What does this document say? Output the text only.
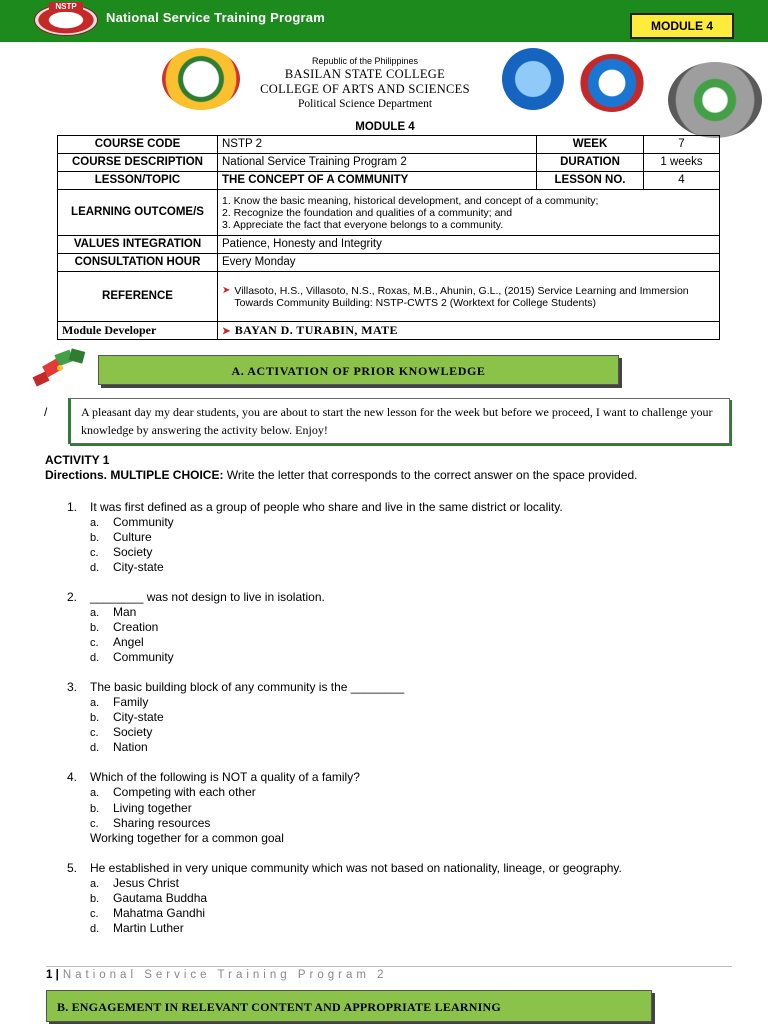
NSTP
National Service Training Program
MODULE 4
Republic of the Philippines
BASILAN STATE COLLEGE
COLLEGE OF ARTS AND SCIENCES
Political Science Department
MODULE 4
COURSE CODE	NSTP 2	WEEK	7
COURSE DESCRIPTION	National Service Training Program 2	DURATION	1 weeks
LESSON/TOPIC	THE CONCEPT OF A COMMUNITY	LESSON NO.	4
LEARNING OUTCOME/S	1. Know the basic meaning, historical development, and concept of a community;
2. Recognize the foundation and qualities of a community; and
3. Appreciate the fact that everyone belongs to a community.		

VALUES INTEGRATION	Patience, Honesty and Integrity		
CONSULTATION HOUR	Every Monday		
REFERENCE	➤ Villasoto, H.S., Villasoto, N.S., Roxas, M.B., Ahunin, G.L., (2015) Service Learning and Immersion Towards Community Building: NSTP-CWTS 2 (Worktext for College Students)		

Module Developer	➤ BAYAN D. TURABIN, MATE		
A. ACTIVATION OF PRIOR KNOWLEDGE
/	A pleasant day my dear students, you are about to start the new lesson for the week but before we proceed, I want to challenge your knowledge by answering the activity below. Enjoy!
ACTIVITY 1
Directions. MULTIPLE CHOICE: Write the letter that corresponds to the correct answer on the space provided.
1. It was first defined as a group of people who share and live in the same district or locality.
a. Community
b. Culture
c. Society
d. City-state
2. ________ was not design to live in isolation.
a. Man
b. Creation
c. Angel
d. Community
3. The basic building block of any community is the ________
a. Family
b. City-state
c. Society
d. Nation
4. Which of the following is NOT a quality of a family?
a. Competing with each other
b. Living together
c. Sharing resources
Working together for a common goal
5. He established in very unique community which was not based on nationality, lineage, or geography.
a. Jesus Christ
b. Gautama Buddha
c. Mahatma Gandhi
d. Martin Luther
1 | National Service Training Program 2
B. ENGAGEMENT IN RELEVANT CONTENT AND APPROPRIATE LEARNING
